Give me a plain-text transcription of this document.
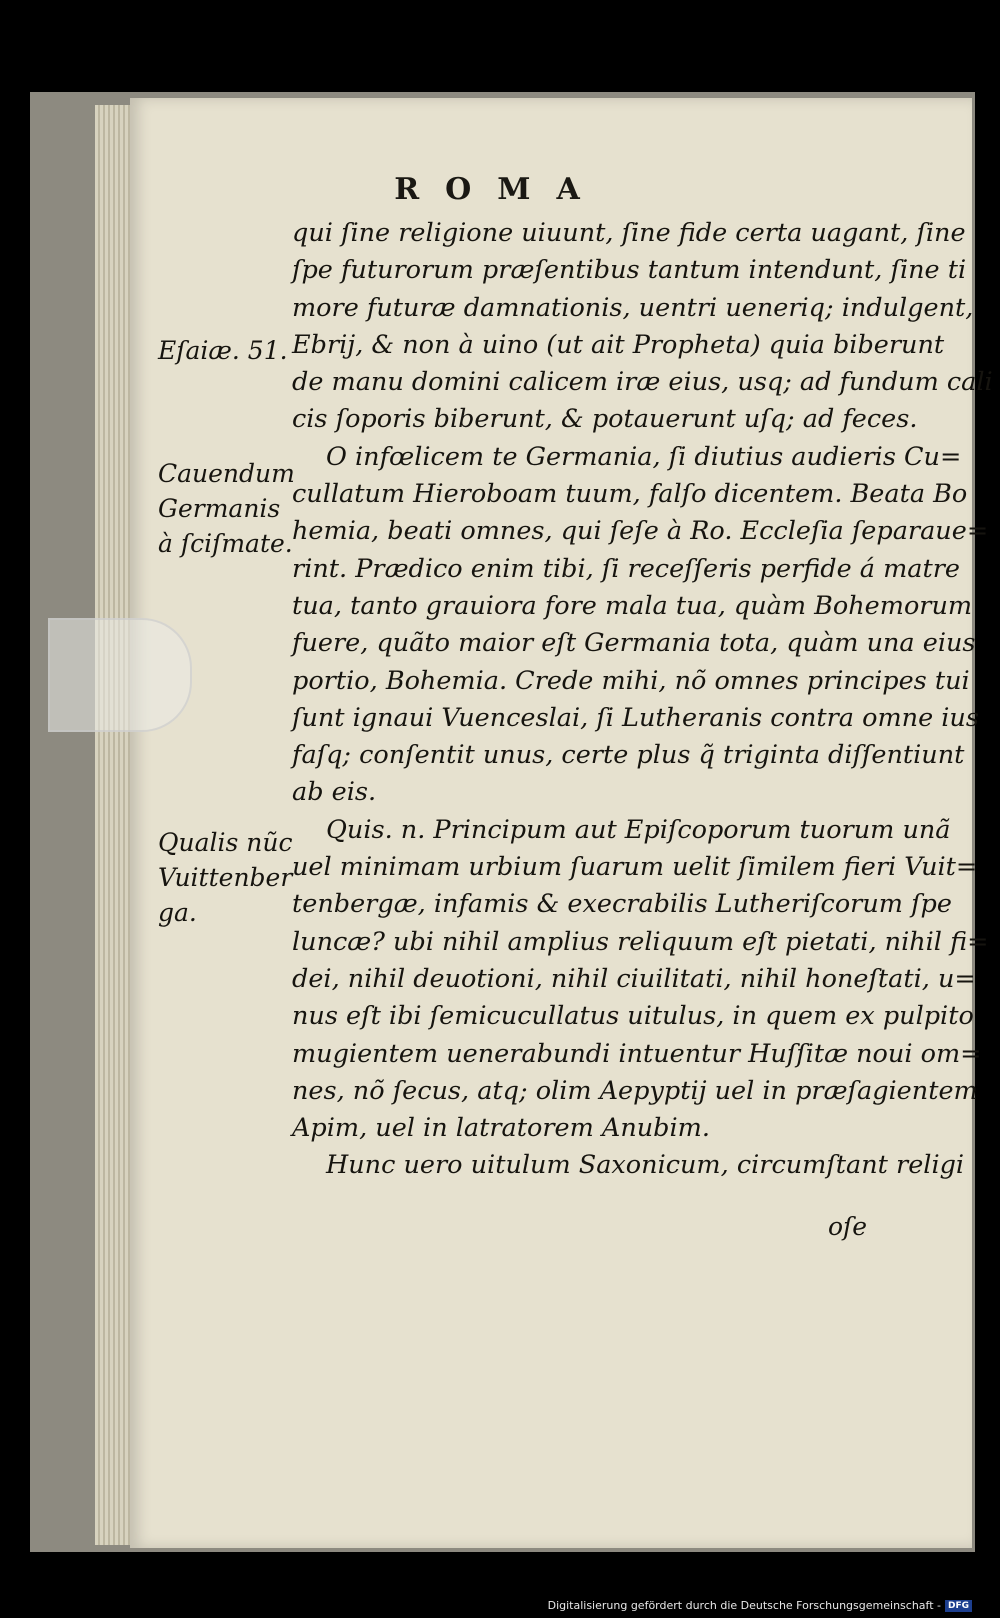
ROMA
Eſaiæ. 51.
Cauendum
Germanis
à ſciſmate.
Qualis nũc
Vuittenber
ga.
qui ſine religione uiuunt, ſine fide certa uagant, ſine
ſpe futurorum præſentibus tantum intendunt, ſine ti
more futuræ damnationis, uentri ueneriq; indulgent,
Ebrij, & non à uino (ut ait Propheta) quia biberunt
de manu domini calicem iræ eius, usq; ad fundum cali
cis ſoporis biberunt, & potauerunt uſq; ad feces.
O infœlicem te Germania, ſi diutius audieris Cu=
cullatum Hieroboam tuum, falſo dicentem. Beata Bo
hemia, beati omnes, qui ſeſe à Ro. Eccleſia ſeparaue=
rint. Prædico enim tibi, ſi receſſeris perfide á matre
tua, tanto grauiora fore mala tua, quàm Bohemorum
fuere, quãto maior eſt Germania tota, quàm una eius
portio, Bohemia. Crede mihi, nõ omnes principes tui
ſunt ignaui Vuenceslai, ſi Lutheranis contra omne ius
faſq; conſentit unus, certe plus q̃ triginta diſſentiunt
ab eis.
Quis. n. Principum aut Epiſcoporum tuorum unã
uel minimam urbium ſuarum uelit ſimilem fieri Vuit=
tenbergæ, infamis & execrabilis Lutheriſcorum ſpe
luncæ? ubi nihil amplius reliquum eſt pietati, nihil fi=
dei, nihil deuotioni, nihil ciuilitati, nihil honeſtati, u=
nus eſt ibi ſemicucullatus uitulus, in quem ex pulpito
mugientem uenerabundi intuentur Huſſitæ noui om=
nes, nõ ſecus, atq; olim Aepyptij uel in præſagientem
Apim, uel in latratorem Anubim.
Hunc uero uitulum Saxonicum, circumſtant religi
oſe
Digitalisierung gefördert durch die Deutsche Forschungsgemeinschaft - DFG
